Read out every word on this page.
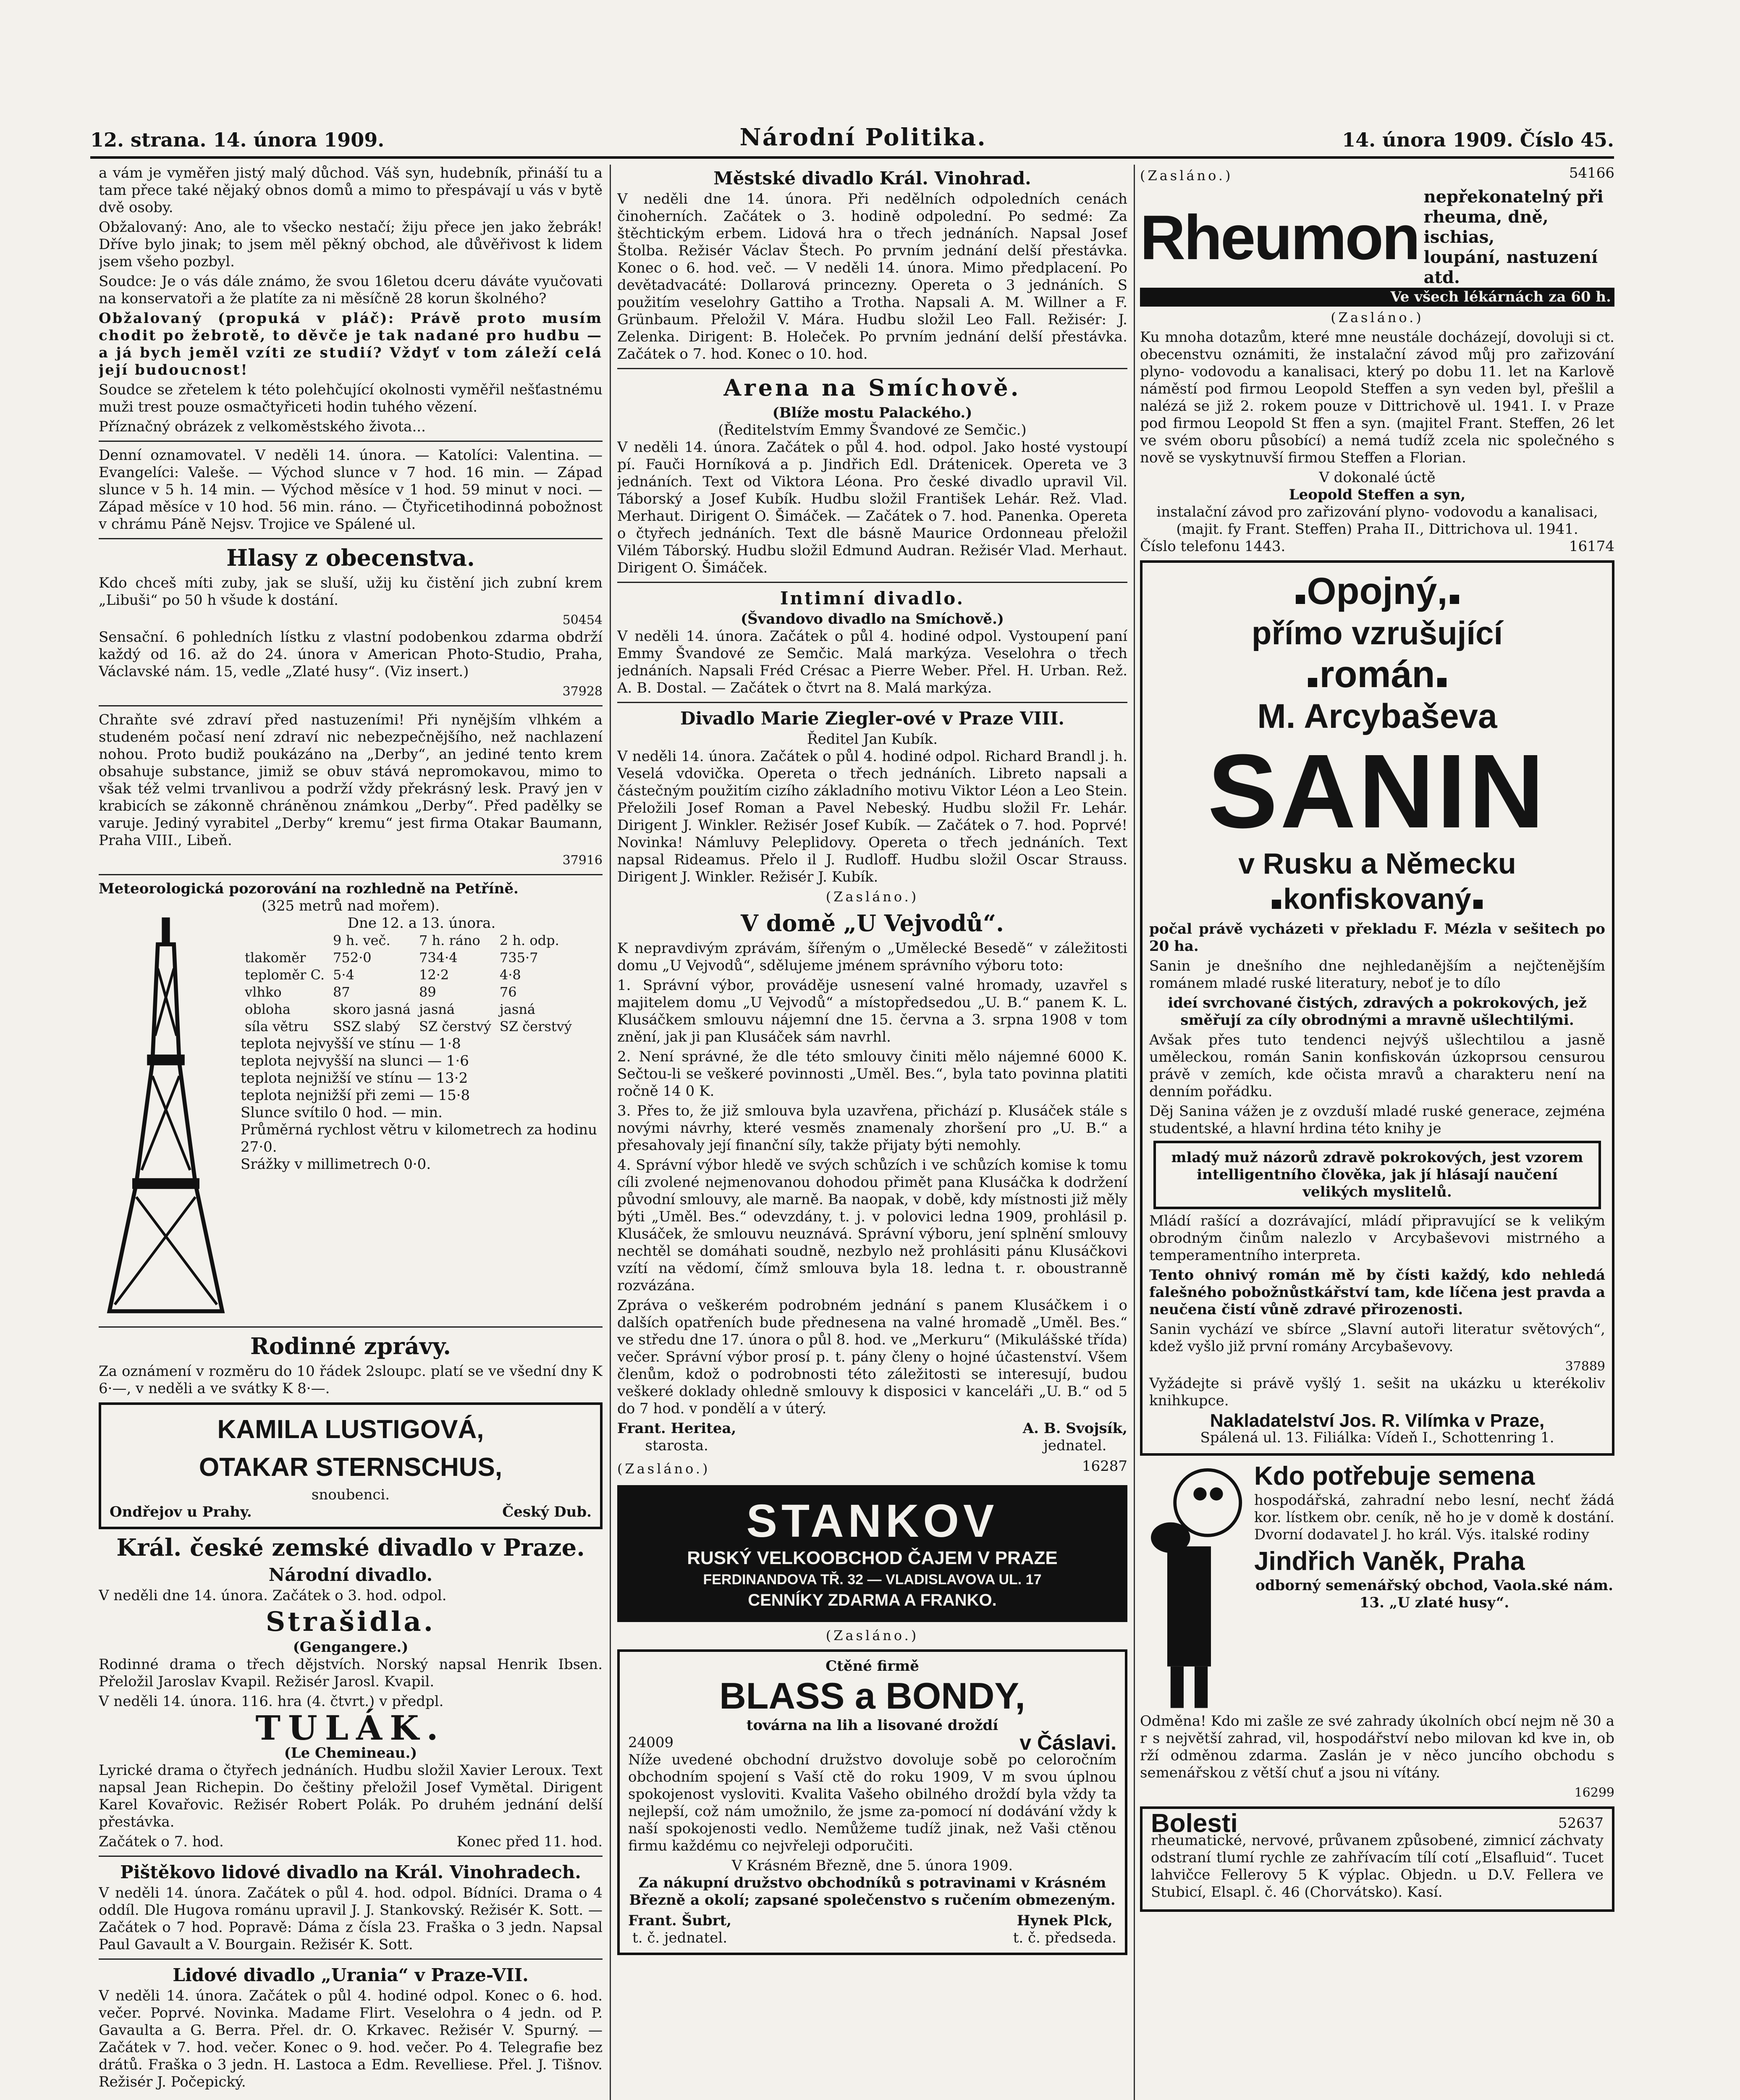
12. strana. 14. února 1909.	Národní Politika.	14. února 1909. Číslo 45.

a vám je vyměřen jistý malý důchod. Váš syn, hudebník, přináší tu a tam přece také nějaký obnos domů a mimo to přespávají u vás v bytě dvě osoby.

Obžalovaný: Ano, ale to všecko nestačí; žiju přece jen jako žebrák! Dříve bylo jinak; to jsem měl pěkný obchod, ale důvěřivost k lidem jsem všeho pozbyl.

Soudce: Je o vás dále známo, že svou 16letou dceru dáváte vyučovati na konservatoři a že platíte za ni měsíčně 28 korun školného?

Obžalovaný (propuká v pláč): Právě proto musím chodit po žebrotě, to děvče je tak nadané pro hudbu — a já bych jeměl vzíti ze studií? Vždyť v tom záleží celá její budoucnost!

Soudce se zřetelem k této polehčující okolnosti vyměřil nešťastnému muži trest pouze osmačtyřiceti hodin tuhého vězení.

Příznačný obrázek z velkoměstského života...

Denní oznamovatel. V neděli 14. února. — Katolíci: Valentina. — Evangelíci: Valeše. — Východ slunce v 7 hod. 16 min. — Západ slunce v 5 h. 14 min. — Východ měsíce v 1 hod. 59 minut v noci. — Západ měsíce v 10 hod. 56 min. ráno. — Čtyřicetihodinná pobožnost v chrámu Páně Nejsv. Trojice ve Spálené ul.

Hlasy z obecenstva.

Kdo chceš míti zuby, jak se sluší, užij ku čistění jich zubní krem „Libuši“ po 50 h všude k dostání.

50454

Sensační. 6 pohledních lístku z vlastní podobenkou zdarma obdrží každý od 16. až do 24. února v American Photo-Studio, Praha, Václavské nám. 15, vedle „Zlaté husy“. (Viz insert.)

37928

Chraňte své zdraví před nastuzeními! Při nynějším vlhkém a studeném počasí není zdraví nic nebezpečnějšího, než nachlazení nohou. Proto budiž poukázáno na „Derby“, an jediné tento krem obsahuje substance, jimiž se obuv stává nepromokavou, mimo to však též velmi trvanlivou a podrží vždy překrásný lesk. Pravý jen v krabicích se zákonně chráněnou známkou „Derby“. Před padělky se varuje. Jediný vyrabitel „Derby“ kremu“ jest firma Otakar Baumann, Praha VIII., Libeň.

37916
Meteorologická pozorování na rozhledně na Petříně.
(325 metrů nad mořem).
Dne 12. a 13. února.
	9 h. več.	7 h. ráno	2 h. odp.
tlakoměr	752·0	734·4	735·7
teploměr C.	5·4	12·2	4·8
vlhko	87	89	76
obloha	skoro jasná	jasná	jasná
síla větru	SSZ slabý	SZ čerstvý	SZ čerstvý
teplota nejvyšší ve stínu — 1·8
teplota nejvyšší na slunci — 1·6
teplota nejnižší ve stínu — 13·2
teplota nejnižší při zemi — 15·8
Slunce svítilo 0 hod. — min.
Průměrná rychlost větru v kilometrech za hodinu 27·0.
Srážky v millimetrech 0·0.
Rodinné zprávy.

Za oznámení v rozměru do 10 řádek 2sloupc. platí se ve všední dny K 6·—, v neděli a ve svátky K 8·—.

KAMILA LUSTIGOVÁ,
OTAKAR STERNSCHUS,
snoubenci.
Ondřejov u Prahy.	Český Dub.
Král. české zemské divadlo v Praze.
Národní divadlo.

V neděli dne 14. února. Začátek o 3. hod. odpol.

Strašidla.
(Gengangere.)

Rodinné drama o třech dějstvích. Norský napsal Henrik Ibsen. Přeložil Jaroslav Kvapil. Režisér Jarosl. Kvapil.

V neděli 14. února. 116. hra (4. čtvrt.) v předpl.

TULÁK.
(Le Chemineau.)

Lyrické drama o čtyřech jednáních. Hudbu složil Xavier Leroux. Text napsal Jean Richepin. Do češtiny přeložil Josef Vymětal. Dirigent Karel Kovařovic. Režisér Robert Polák. Po druhém jednání delší přestávka.

Začátek o 7. hod.	Konec před 11. hod.
Pištěkovo lidové divadlo na Král. Vinohradech.

V neděli 14. února. Začátek o půl 4. hod. odpol. Bídníci. Drama o 4 oddíl. Dle Hugova románu upravil J. J. Stankovský. Režisér K. Sott. — Začátek o 7 hod. Popravě: Dáma z čísla 23. Fraška o 3 jedn. Napsal Paul Gavault a V. Bourgain. Režisér K. Sott.

Lidové divadlo „Urania“ v Praze-VII.

V neděli 14. února. Začátek o půl 4. hodiné odpol. Konec o 6. hod. večer. Poprvé. Novinka. Madame Flirt. Veselohra o 4 jedn. od P. Gavaulta a G. Berra. Přel. dr. O. Krkavec. Režisér V. Spurný. — Začátek v 7. hod. večer. Konec o 9. hod. večer. Po 4. Telegrafie bez drátů. Fraška o 3 jedn. H. Lastoca a Edm. Revelliese. Přel. J. Tišnov. Režisér J. Počepický.

Městské divadlo Král. Vinohrad.

V neděli dne 14. února. Při nedělních odpoledních cenách činoherních. Začátek o 3. hodině odpolední. Po sedmé: Za štěchtickým erbem. Lidová hra o třech jednáních. Napsal Josef Štolba. Režisér Václav Štech. Po prvním jednání delší přestávka. Konec o 6. hod. več. — V neděli 14. února. Mimo předplacení. Po devětadvacáté: Dollarová princezny. Opereta o 3 jednáních. S použitím veselohry Gattiho a Trotha. Napsali A. M. Willner a F. Grünbaum. Přeložil V. Mára. Hudbu složil Leo Fall. Režisér: J. Zelenka. Dirigent: B. Holeček. Po prvním jednání delší přestávka. Začátek o 7. hod. Konec o 10. hod.

Arena na Smíchově.
(Blíže mostu Palackého.)
(Ředitelstvím Emmy Švandové ze Semčic.)

V neděli 14. února. Začátek o půl 4. hod. odpol. Jako hosté vystoupí pí. Fauči Horníková a p. Jindřich Edl. Drátenicek. Opereta ve 3 jednáních. Text od Viktora Léona. Pro české divadlo upravil Vil. Táborský a Josef Kubík. Hudbu složil František Lehár. Rež. Vlad. Merhaut. Dirigent O. Šimáček. — Začátek o 7. hod. Panenka. Opereta o čtyřech jednáních. Text dle básně Maurice Ordonneau přeložil Vilém Táborský. Hudbu složil Edmund Audran. Režisér Vlad. Merhaut. Dirigent O. Šimáček.

Intimní divadlo.
(Švandovo divadlo na Smíchově.)

V neděli 14. února. Začátek o půl 4. hodiné odpol. Vystoupení paní Emmy Švandové ze Semčic. Malá markýza. Veselohra o třech jednáních. Napsali Fréd Crésac a Pierre Weber. Přel. H. Urban. Rež. A. B. Dostal. — Začátek o čtvrt na 8. Malá markýza.

Divadlo Marie Ziegler-ové v Praze VIII.
Ředitel Jan Kubík.

V neděli 14. února. Začátek o půl 4. hodiné odpol. Richard Brandl j. h. Veselá vdovička. Opereta o třech jednáních. Libreto napsali a částečným použitím cizího základního motivu Viktor Léon a Leo Stein. Přeložili Josef Roman a Pavel Nebeský. Hudbu složil Fr. Lehár. Dirigent J. Winkler. Režisér Josef Kubík. — Začátek o 7. hod. Poprvé! Novinka! Námluvy Peleplidovy. Opereta o třech jednáních. Text napsal Rideamus. Přelo il J. Rudloff. Hudbu složil Oscar Strauss. Dirigent J. Winkler. Režisér J. Kubík.

(Zasláno.)
V domě „U Vejvodů“.

K nepravdivým zprávám, šířeným o „Umělecké Besedě“ v záležitosti domu „U Vejvodů“, sdělujeme jménem správního výboru toto:

1. Správní výbor, prováděje usnesení valné hromady, uzavřel s majitelem domu „U Vejvodů“ a místopředsedou „U. B.“ panem K. L. Klusáčkem smlouvu nájemní dne 15. června a 3. srpna 1908 v tom znění, jak ji pan Klusáček sám navrhl.

2. Není správné, že dle této smlouvy činiti mělo nájemné 6000 K. Sečtou-li se veškeré povinnosti „Uměl. Bes.“, byla tato povinna platiti ročně 14 0 K.

3. Přes to, že již smlouva byla uzavřena, přichází p. Klusáček stále s novými návrhy, které vesměs znamenaly zhoršení pro „U. B.“ a přesahovaly její finanční síly, takže přijaty býti nemohly.

4. Správní výbor hledě ve svých schůzích i ve schůzích komise k tomu cíli zvolené nejmenovanou dohodou přimět pana Klusáčka k dodržení původní smlouvy, ale marně. Ba naopak, v době, kdy místnosti již měly býti „Uměl. Bes.“ odevzdány, t. j. v polovici ledna 1909, prohlásil p. Klusáček, že smlouvu neuznává. Správní výboru, jení splnění smlouvy nechtěl se domáhati soudně, nezbylo než prohlásiti pánu Klusáčkovi vzítí na vědomí, čímž smlouva byla 18. ledna t. r. oboustranně rozvázána.

Zpráva o veškerém podrobném jednání s panem Klusáčkem i o dalších opatřeních bude přednesena na valné hromadě „Uměl. Bes.“ ve středu dne 17. února o půl 8. hod. ve „Merkuru“ (Mikulášské třída) večer. Správní výbor prosí p. t. pány členy o hojné účastenství. Všem členům, kdož o podrobnosti této záležitosti se interesují, budou veškeré doklady ohledně smlouvy k disposici v kanceláři „U. B.“ od 5 do 7 hod. v pondělí a v úterý.

Frant. Heritea,
starosta.
A. B. Svojsík,
jednatel.
(Zasláno.)	16287
STANKOV
RUSKÝ VELKOOBCHOD ČAJEM V PRAZE
FERDINANDOVA TŘ. 32 — VLADISLAVOVA UL. 17
CENNÍKY ZDARMA A FRANKO.
(Zasláno.)
Ctěné firmě
BLASS a BONDY,
továrna na lih a lisované droždí
24009	v Čáslavi.

Níže uvedené obchodní družstvo dovoluje sobě po celoročním obchodním spojení s Vaší ctě do roku 1909, V m svou úplnou spokojenost vysloviti. Kvalita Vašeho obilného droždí byla vždy ta nejlepší, což nám umožnilo, že jsme za-pomocí ní dodávání vždy k naší spokojenosti vedlo. Nemůžeme tudíž jinak, než Vaši ctěnou firmu každému co nejvřeleji odporučiti.

V Krásném Březně, dne 5. února 1909.
Za nákupní družstvo obchodníků s potravinami v Krásném Březně a okolí; zapsané společenstvo s ručením obmezeným.
Frant. Šubrt,
t. č. jednatel.
Hynek Plck,
t. č. předseda.
(Zasláno.)	54166
Rheumon
nepřekonatelný při
rheuma, dně, ischias,
loupání, nastuzení atd.
Ve všech lékárnách za 60 h.
(Zasláno.)

Ku mnoha dotazům, které mne neustále docházejí, dovoluji si ct. obecenstvu oznámiti, že instalační závod můj pro zařizování plyno- vodovodu a kanalisaci, který po dobu 11. let na Karlově náměstí pod firmou Leopold Steffen a syn veden byl, přešlil a nalézá se již 2. rokem pouze v Dittrichově ul. 1941. I. v Praze pod firmou Leopold St ffen a syn. (majitel Frant. Steffen, 26 let ve svém oboru působící) a nemá tudíž zcela nic společného s nově se vyskytnuvší firmou Steffen a Florian.

V dokonalé úctě
Leopold Steffen a syn,
instalační závod pro zařizování plyno- vodovodu a kanalisaci, (majit. fy Frant. Steffen) Praha II., Dittrichova ul. 1941.
Číslo telefonu 1443.	16174
Opojný,
přímo vzrušující
román
M. Arcybaševa
SANIN
v Rusku a Německu
konfiskovaný

počal právě vycházeti v překladu F. Mézla v sešitech po 20 ha.

Sanin je dnešního dne nejhledanějším a nejčtenějším románem mladé ruské literatury, neboť je to dílo

ideí svrchované čistých, zdravých a pokrokových, jež směřují za cíly obrodnými a mravně ušlechtilými.

Avšak přes tuto tendenci nejvýš ušlechtilou a jasně uměleckou, román Sanin konfiskován úzkoprsou censurou právě v zemích, kde očista mravů a charakteru není na denním pořádku.

Děj Sanina vážen je z ovzduší mladé ruské generace, zejména studentské, a hlavní hrdina této knihy je

mladý muž názorů zdravě pokrokových, jest vzorem intelligentního člověka, jak jí hlásají naučení velikých myslitelů.

Mládí rašící a dozrávající, mládí připravující se k velikým obrodným činům nalezlo v Arcybaševovi mistrného a temperamentního interpreta.

Tento ohnivý román mě by čísti každý, kdo nehledá falešného pobožnůstkářství tam, kde líčena jest pravda a neučena čistí vůně zdravé přirozenosti.

Sanin vychází ve sbírce „Slavní autoři literatur světových“, kdež vyšlo již první romány Arcybaševovy.

37889

Vyžádejte si právě vyšlý 1. sešit na ukázku u kterékoliv knihkupce.

Nakladatelství Jos. R. Vilímka v Praze,
Spálená ul. 13. Filiálka: Vídeň I., Schottenring 1.
Kdo potřebuje semena

hospodářská, zahradní nebo lesní, nechť žádá kor. lístkem obr. ceník, ně ho je v domě k dostání. Dvorní dodavatel J. ho král. Výs. italské rodiny

Jindřich Vaněk, Praha
odborný semenářský obchod, Vaola.ské nám. 13. „U zlaté husy“.

Odměna! Kdo mi zašle ze své zahrady úkolních obcí nejm ně 30 a r s největší zahrad, vil, hospodářství nebo milovan kd kve in, ob rží odměnou zdarma. Zaslán je v něco juncího obchodu s semenářskou z větší chuť a jsou ni vítány.

16299
Bolesti	52637

rheumatické, nervové, průvanem způsobené, zimnicí záchvaty odstraní tlumí rychle ze zahřívacím tílí cotí „Elsafluid“. Tucet lahvičce Fellerovy 5 K výplac. Objedn. u D.V. Fellera ve Stubicí, Elsapl. č. 46 (Chorvátsko). Kasí.
